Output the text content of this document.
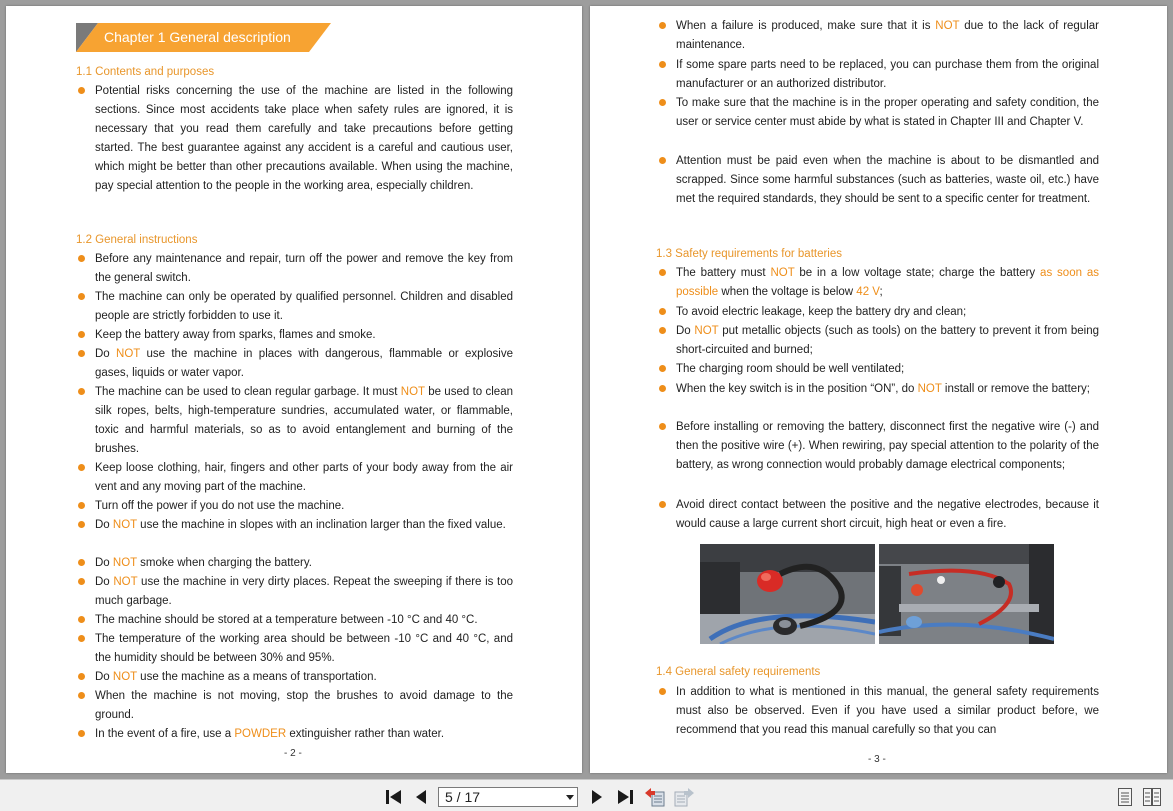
Chapter 1 General description
1.1 Contents and purposes
Potential risks concerning the use of the machine are listed in the following sections. Since most accidents take place when safety rules are ignored, it is necessary that you read them carefully and take precautions before getting started. The best guarantee against any accident is a careful and cautious user, which might be better than other precautions available. When using the machine, pay special attention to the people in the working area, especially children.
1.2 General instructions
Before any maintenance and repair, turn off the power and remove the key from the general switch.
The machine can only be operated by qualified personnel. Children and disabled people are strictly forbidden to use it.
Keep the battery away from sparks, flames and smoke.
Do NOT use the machine in places with dangerous, flammable or explosive gases, liquids or water vapor.
The machine can be used to clean regular garbage. It must NOT be used to clean silk ropes, belts, high-temperature sundries, accumulated water, or flammable, toxic and harmful materials, so as to avoid entanglement and burning of the brushes.
Keep loose clothing, hair, fingers and other parts of your body away from the air vent and any moving part of the machine.
Turn off the power if you do not use the machine.
Do NOT use the machine in slopes with an inclination larger than the fixed value.
Do NOT smoke when charging the battery.
Do NOT use the machine in very dirty places. Repeat the sweeping if there is too much garbage.
The machine should be stored at a temperature between -10 °C and 40 °C.
The temperature of the working area should be between -10 °C and 40 °C, and the humidity should be between 30% and 95%.
Do NOT use the machine as a means of transportation.
When the machine is not moving, stop the brushes to avoid damage to the ground.
In the event of a fire, use a POWDER extinguisher rather than water.
- 2 -
When a failure is produced, make sure that it is NOT due to the lack of regular maintenance.
If some spare parts need to be replaced, you can purchase them from the original manufacturer or an authorized distributor.
To make sure that the machine is in the proper operating and safety condition, the user or service center must abide by what is stated in Chapter III and Chapter V.
Attention must be paid even when the machine is about to be dismantled and scrapped. Since some harmful substances (such as batteries, waste oil, etc.) have met the required standards, they should be sent to a specific center for treatment.
1.3 Safety requirements for batteries
The battery must NOT be in a low voltage state; charge the battery as soon as possible when the voltage is below 42 V;
To avoid electric leakage, keep the battery dry and clean;
Do NOT put metallic objects (such as tools) on the battery to prevent it from being short-circuited and burned;
The charging room should be well ventilated;
When the key switch is in the position “ON”, do NOT install or remove the battery;
Before installing or removing the battery, disconnect first the negative wire (-) and then the positive wire (+). When rewiring, pay special attention to the polarity of the battery, as wrong connection would probably damage electrical components;
Avoid direct contact between the positive and the negative electrodes, because it would cause a large current short circuit, high heat or even a fire.
1.4 General safety requirements
In addition to what is mentioned in this manual, the general safety requirements must also be observed. Even if you have used a similar product before, we recommend that you read this manual carefully so that you can
- 3 -
5 / 17
